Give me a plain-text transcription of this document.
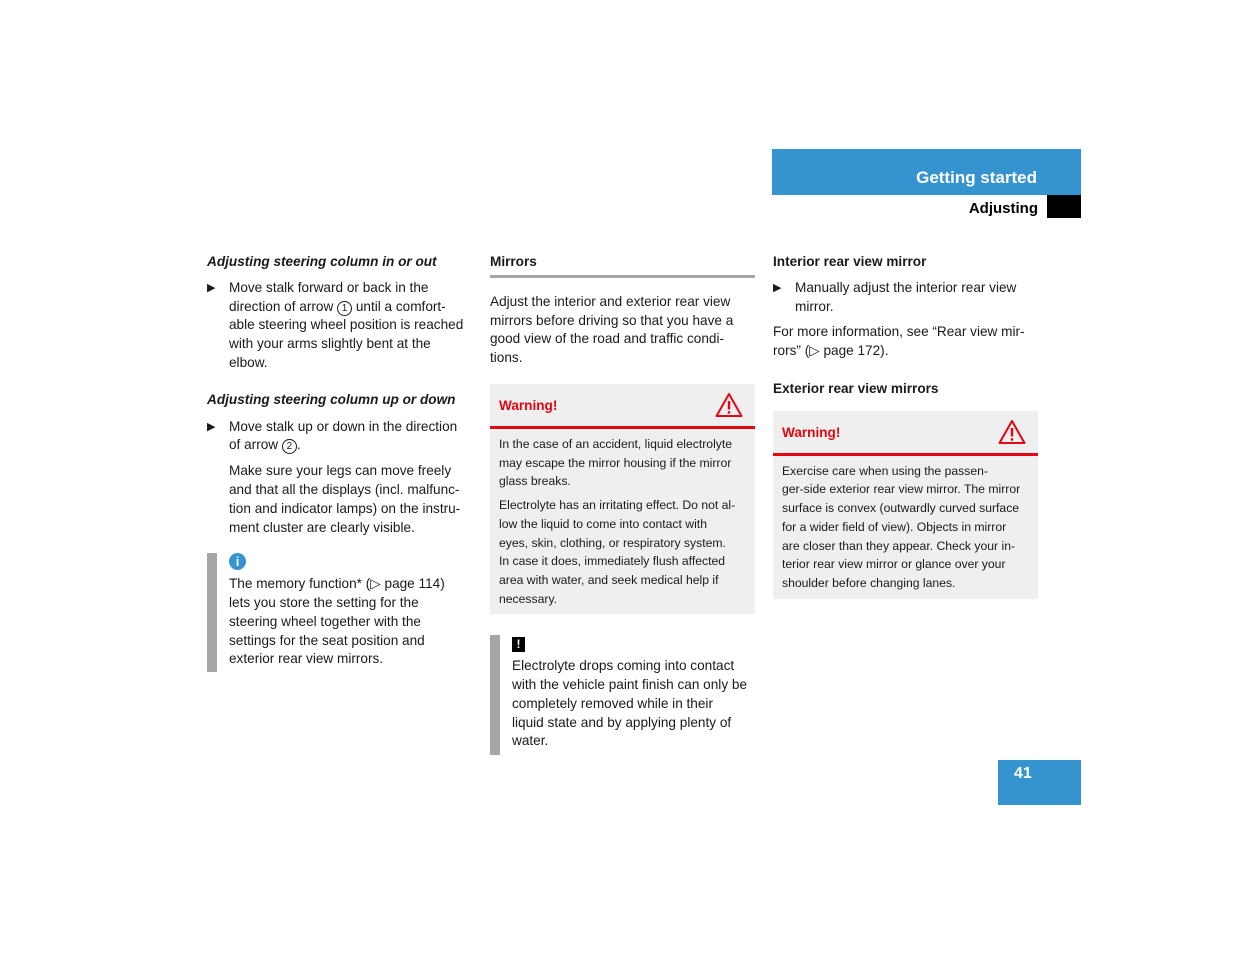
Getting started
Adjusting

Adjusting steering column in or out

▶ Move stalk forward or back in the
direction of arrow 1 until a comfort-
able steering wheel position is reached
with your arms slightly bent at the
elbow.

Adjusting steering column up or down

▶ Move stalk up or down in the direction
of arrow 2 .
Make sure your legs can move freely
and that all the displays (incl. malfunc-
tion and indicator lamps) on the instru-
ment cluster are clearly visible.
i
The memory function* (▷ page 114)
lets you store the setting for the
steering wheel together with the
settings for the seat position and
exterior rear view mirrors.

Mirrors

Adjust the interior and exterior rear view
mirrors before driving so that you have a
good view of the road and traffic condi-
tions.
Warning!

In the case of an accident, liquid electrolyte
may escape the mirror housing if the mirror
glass breaks.

Electrolyte has an irritating effect. Do not al-
low the liquid to come into contact with
eyes, skin, clothing, or respiratory system.
In case it does, immediately flush affected
area with water, and seek medical help if
necessary.

!
Electrolyte drops coming into contact
with the vehicle paint finish can only be
completely removed while in their
liquid state and by applying plenty of
water.

Interior rear view mirror

▶ Manually adjust the interior rear view
mirror.
For more information, see “Rear view mir-
rors” (▷ page 172).

Exterior rear view mirrors

Warning!
Exercise care when using the passen-
ger-side exterior rear view mirror. The mirror
surface is convex (outwardly curved surface
for a wider field of view). Objects in mirror
are closer than they appear. Check your in-
terior rear view mirror or glance over your
shoulder before changing lanes.
41
